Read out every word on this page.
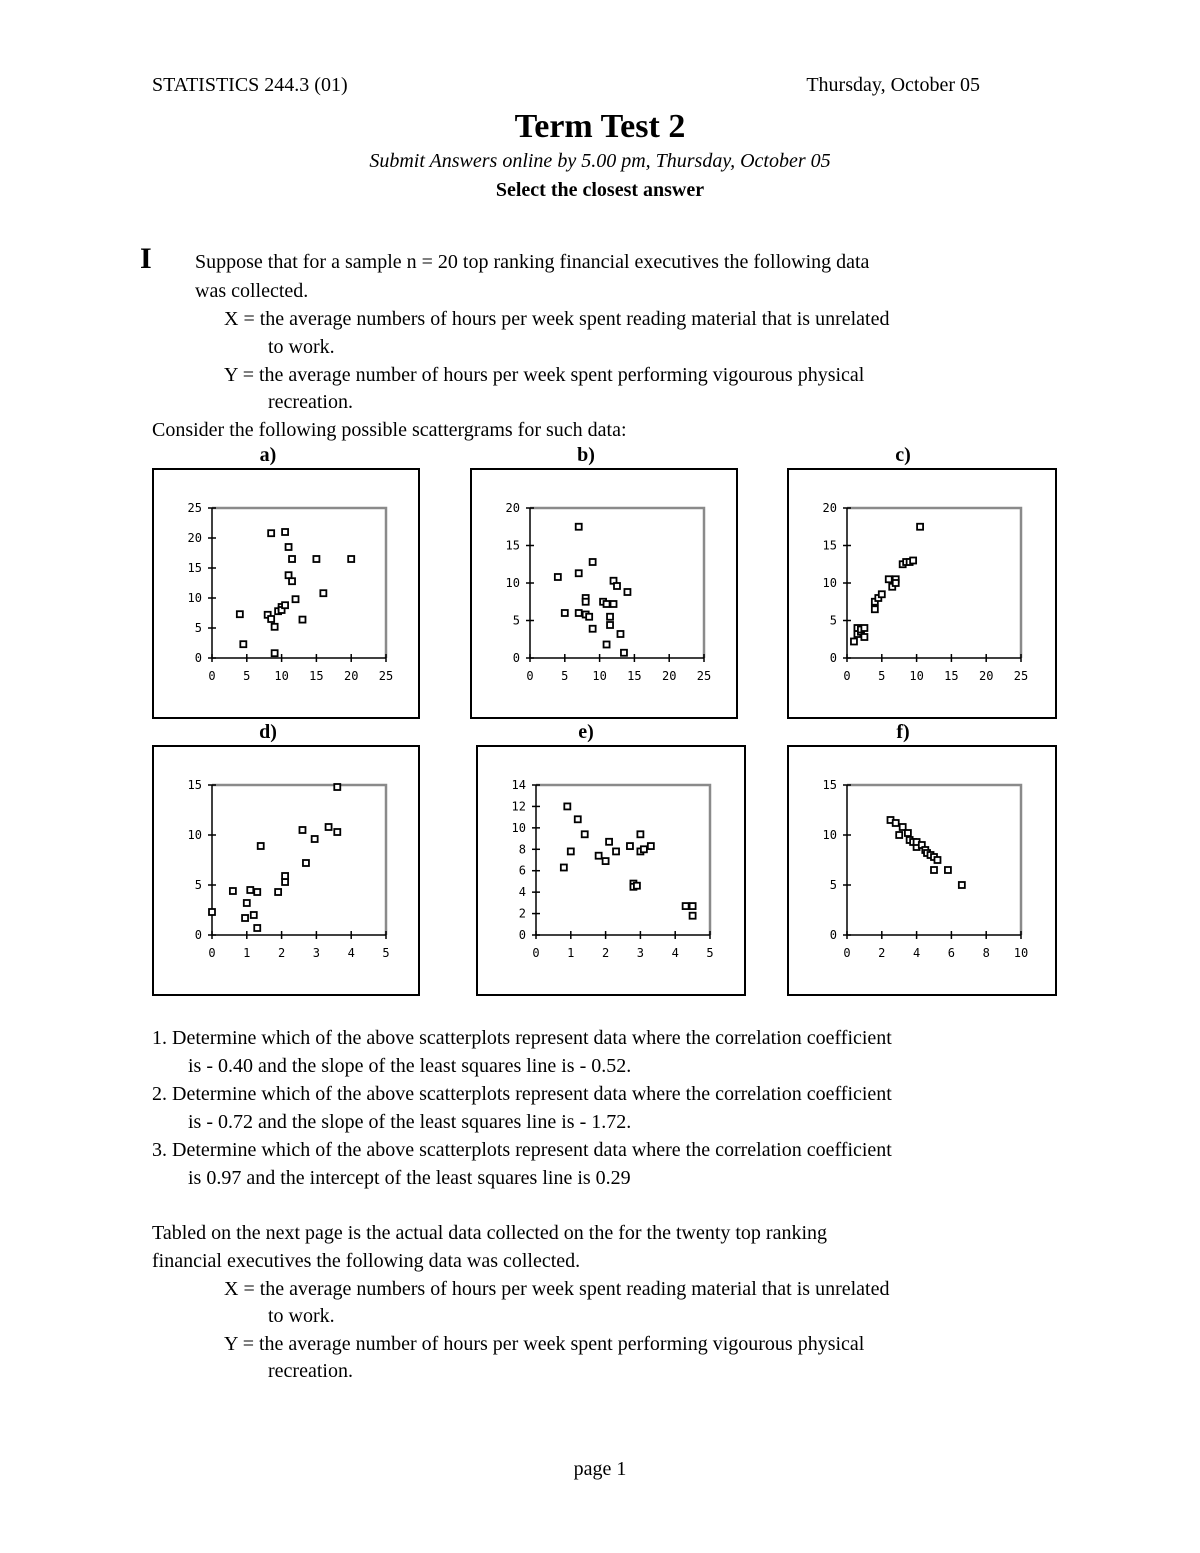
STATISTICS 244.3 (01)	Thursday, October 05
Term Test 2
Submit Answers online by 5.00 pm, Thursday, October 05
Select the closest answer
I Suppose that for a sample n = 20 top ranking financial executives the following data
was collected.
X = the average numbers of hours per week spent reading material that is unrelated
to work.
Y = the average number of hours per week spent performing vigourous physical
recreation.
Consider the following possible scattergrams for such data:
a)	b)	c)
d)	e)	f)
0 5 10 15 20 25
0
5
10
15
20
25
0 5 10 15 20 25
0
5
10
15
20
0 5 10 15 20 25
0
5
10
15
20
0 1 2 3 4 5
0
5
10
15
0 1 2 3 4 5
0
2
4
6
8
10
12
14
0 2 4 6 8 10
0
5
10
15
1. Determine which of the above scatterplots represent data where the correlation coefficient
is - 0.40 and the slope of the least squares line is - 0.52.
2. Determine which of the above scatterplots represent data where the correlation coefficient
is - 0.72 and the slope of the least squares line is - 1.72.
3. Determine which of the above scatterplots represent data where the correlation coefficient
is 0.97 and the intercept of the least squares line is 0.29
Tabled on the next page is the actual data collected on the for the twenty top ranking
financial executives the following data was collected.
X = the average numbers of hours per week spent reading material that is unrelated
to work.
Y = the average number of hours per week spent performing vigourous physical
recreation.
page 1
